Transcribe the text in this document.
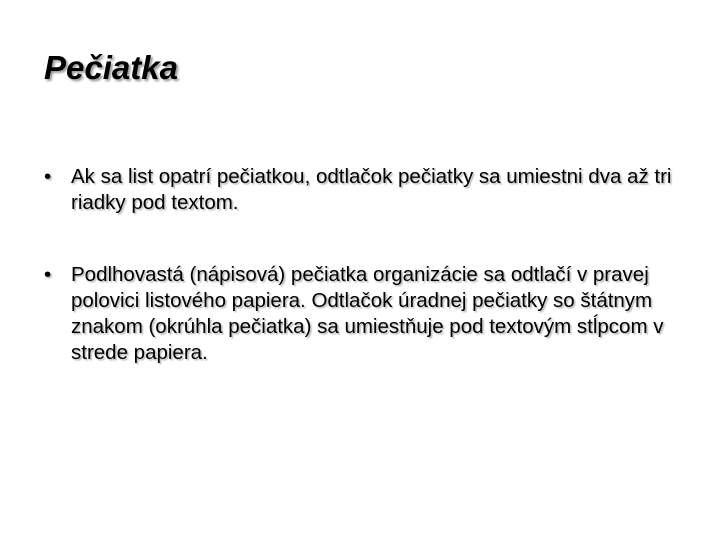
Pečiatka
• Ak sa list opatrí pečiatkou, odtlačok pečiatky sa umiestni dva až tri riadky pod textom.
• Podlhovastá (nápisová) pečiatka organizácie sa odtlačí v pravej polovici listového papiera. Odtlačok úradnej pečiatky so štátnym znakom (okrúhla pečiatka) sa umiestňuje pod textovým stĺpcom v strede papiera.
